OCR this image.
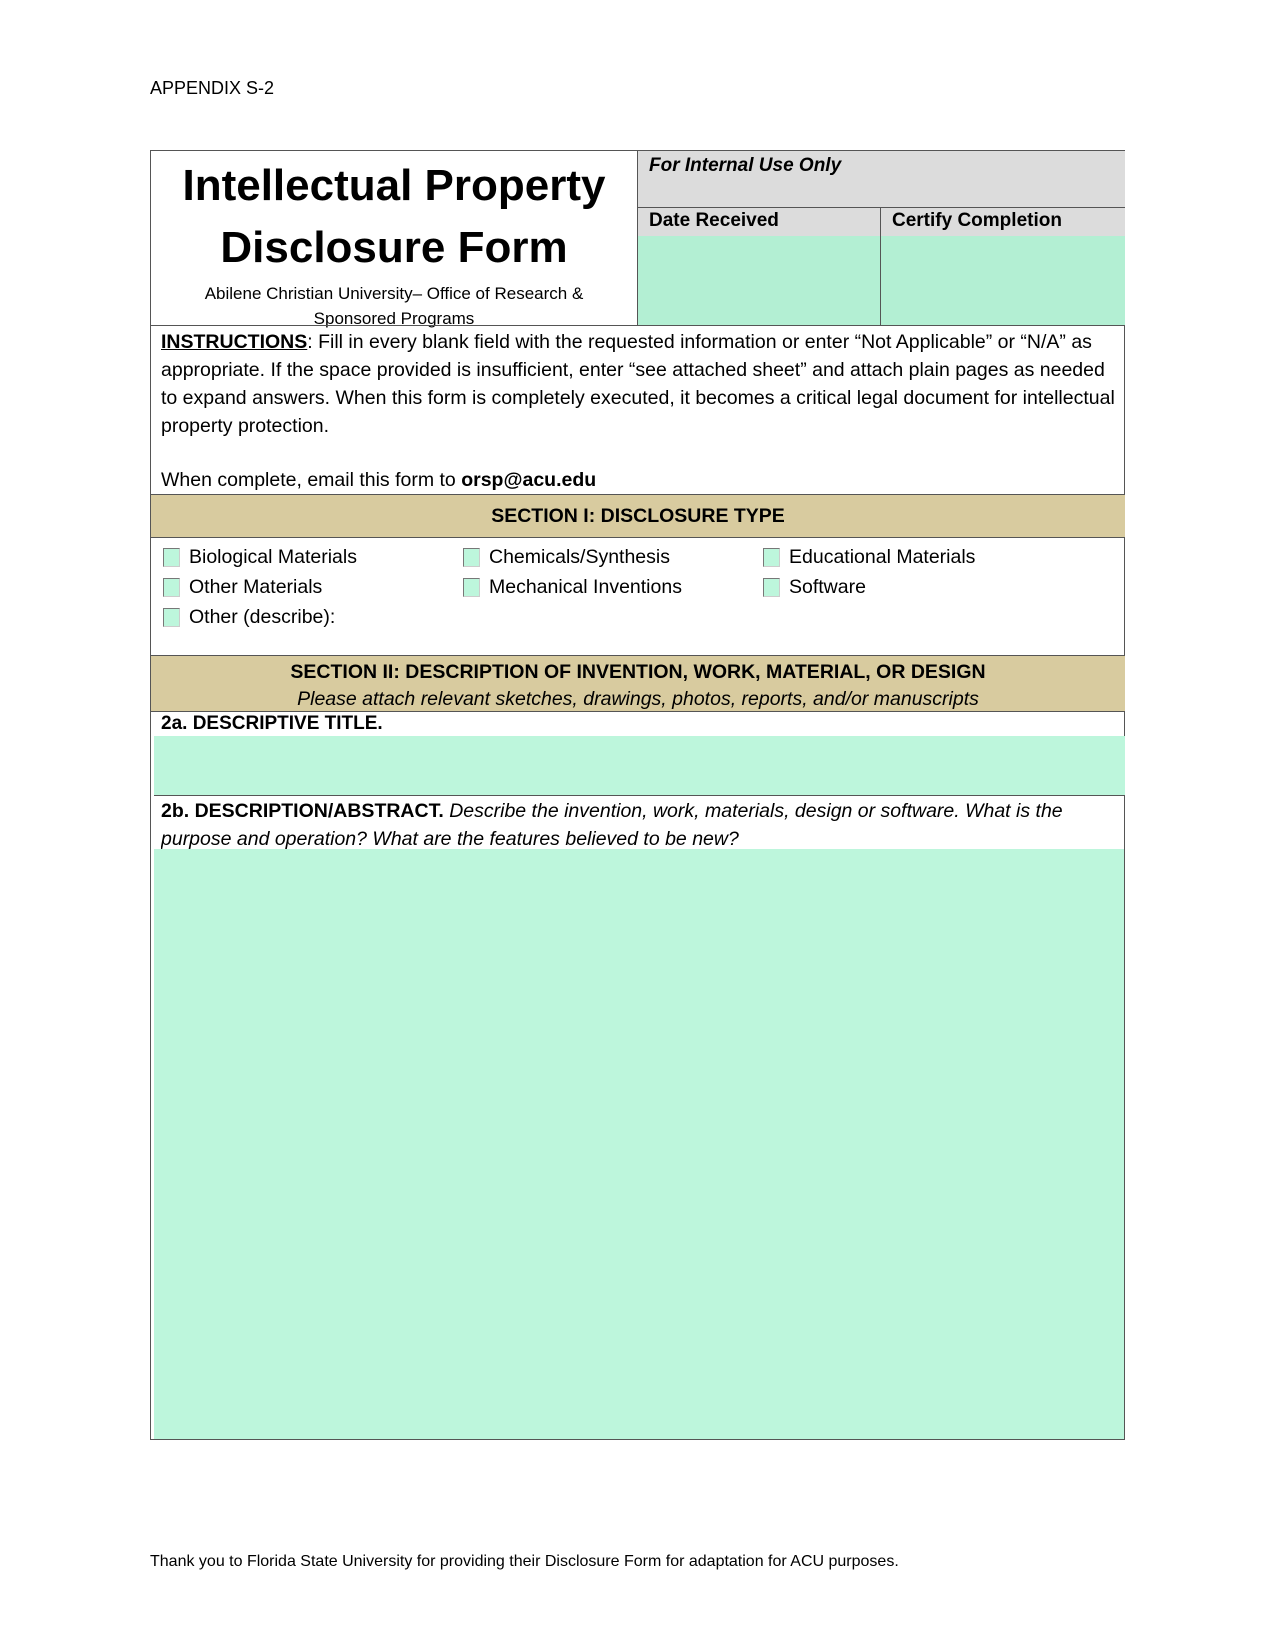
APPENDIX S-2
Intellectual Property
Disclosure Form
Abilene Christian University– Office of Research & Sponsored Programs
For Internal Use Only
Date Received	Certify Completion
INSTRUCTIONS: Fill in every blank field with the requested information or enter “Not Applicable” or “N/A” as appropriate. If the space provided is insufficient, enter “see attached sheet” and attach plain pages as needed to expand answers. When this form is completely executed, it becomes a critical legal document for intellectual property protection.
When complete, email this form to orsp@acu.edu
SECTION I: DISCLOSURE TYPE
Biological Materials	Chemicals/Synthesis	Educational Materials
Other Materials	Mechanical Inventions	Software
Other (describe):
SECTION II: DESCRIPTION OF INVENTION, WORK, MATERIAL, OR DESIGN
Please attach relevant sketches, drawings, photos, reports, and/or manuscripts
2a. DESCRIPTIVE TITLE.
2b. DESCRIPTION/ABSTRACT. Describe the invention, work, materials, design or software. What is the purpose and operation? What are the features believed to be new?
Thank you to Florida State University for providing their Disclosure Form for adaptation for ACU purposes.
